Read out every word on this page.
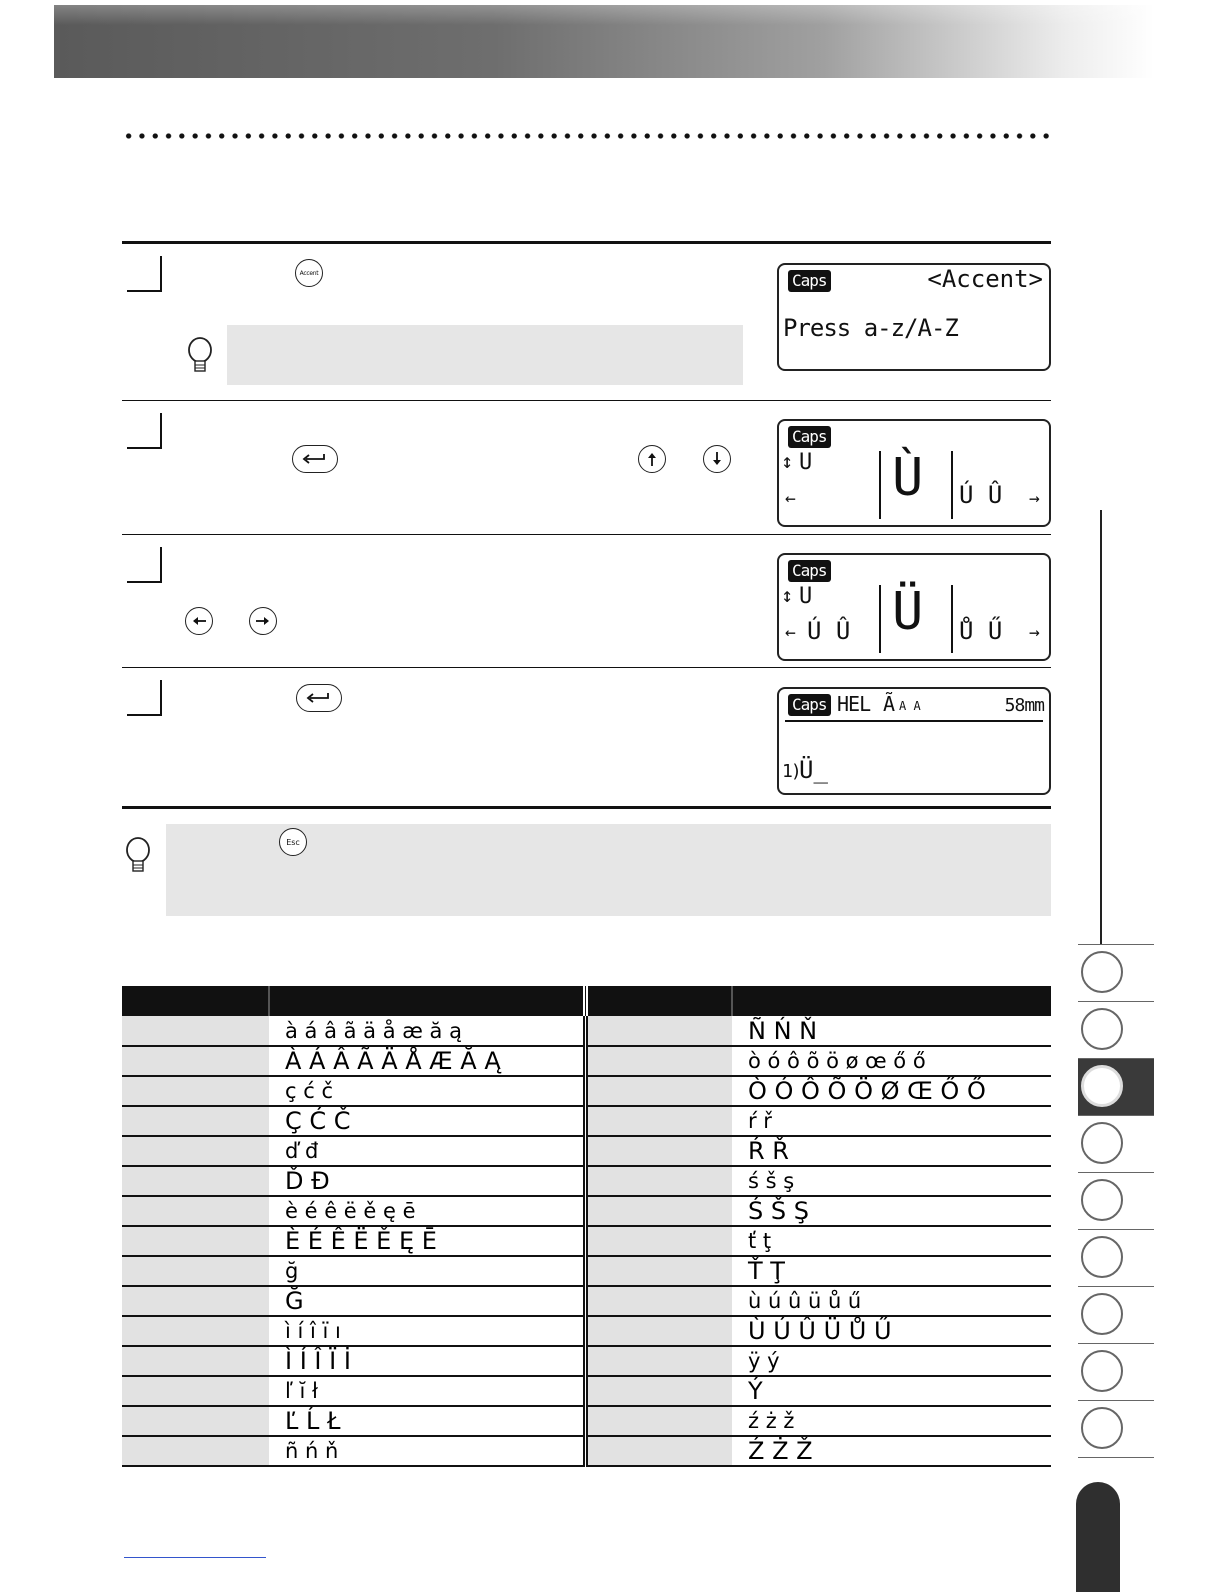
Accent	Caps	<Accent>
Press a-z/A-Z
Caps
↕ U
← Ù Ú Û →
Caps
↕ U
← Ú Û Ü Ů Ű →
Caps HEL Ã A A	58mm
1) Ü_
Esc

	à á â ã ä å æ ă ą		Ñ Ń Ň
	À Á Â Ã Ä Å Æ Ă Ą		ò ó ô õ ö ø œ ő ő
	ç ć č		Ò Ó Ô Õ Ö Ø Œ Ő Ő
	Ç Ć Č		ŕ ř
	ď đ		Ŕ Ř
	Ď Đ		ś š ş
	è é ê ë ě ę ē		Ś Š Ş
	È É Ê Ë Ě Ę Ē		ť ţ
	ğ		Ť Ţ
	Ğ		ù ú û ü ů ű
	ì í î ï ı		Ù Ú Û Ü Ů Ű
	Ì Í Î Ï İ		ÿ ý
	ľ ĭ ł		Ý
	Ľ Ĺ Ł		ź ż ž
	ñ ń ň		Ź Ż Ž
